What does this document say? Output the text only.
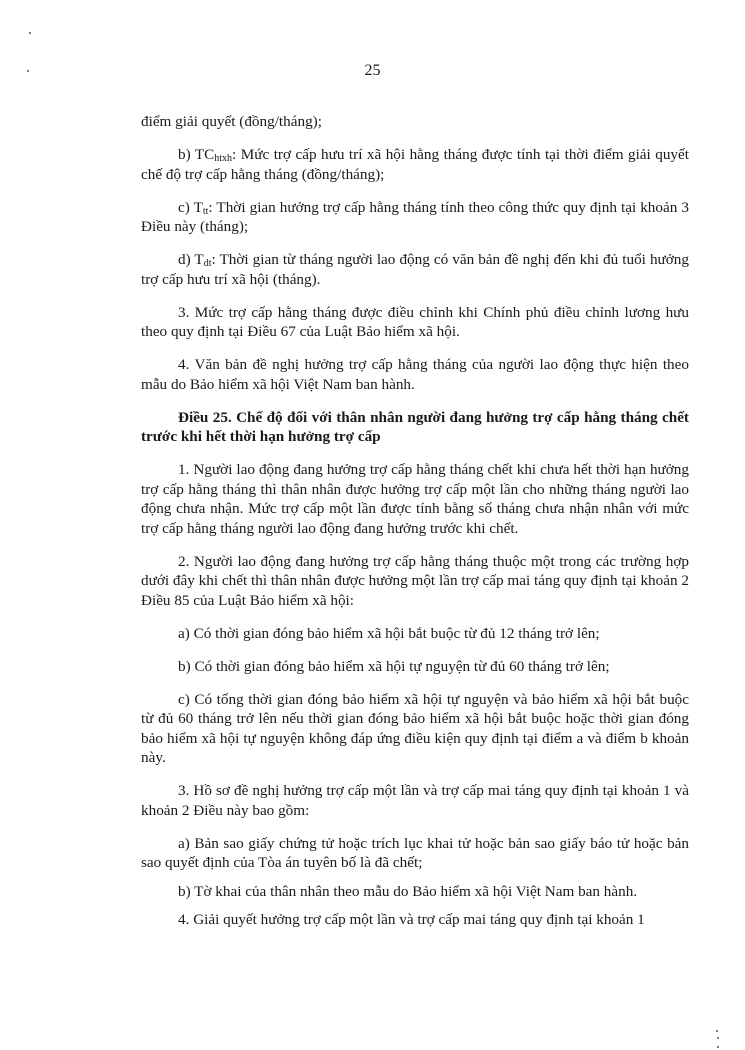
25

điểm giải quyết (đồng/tháng);

b) $TC_{htxh}$: Mức trợ cấp hưu trí xã hội hằng tháng được tính tại thời điểm giải quyết chế độ trợ cấp hằng tháng (đồng/tháng);

c) $T_{tt}$: Thời gian hưởng trợ cấp hằng tháng tính theo công thức quy định tại khoản 3 Điều này (tháng);

d) $T_{dt}$: Thời gian từ tháng người lao động có văn bản đề nghị đến khi đủ tuổi hưởng trợ cấp hưu trí xã hội (tháng).

3. Mức trợ cấp hằng tháng được điều chỉnh khi Chính phủ điều chỉnh lương hưu theo quy định tại Điều 67 của Luật Bảo hiểm xã hội.

4. Văn bản đề nghị hưởng trợ cấp hằng tháng của người lao động thực hiện theo mẫu do Bảo hiểm xã hội Việt Nam ban hành.

Điều 25. Chế độ đối với thân nhân người đang hưởng trợ cấp hằng tháng chết trước khi hết thời hạn hưởng trợ cấp

1. Người lao động đang hưởng trợ cấp hằng tháng chết khi chưa hết thời hạn hưởng trợ cấp hằng tháng thì thân nhân được hưởng trợ cấp một lần cho những tháng người lao động chưa nhận. Mức trợ cấp một lần được tính bằng số tháng chưa nhận nhân với mức trợ cấp hằng tháng người lao động đang hưởng trước khi chết.

2. Người lao động đang hưởng trợ cấp hằng tháng thuộc một trong các trường hợp dưới đây khi chết thì thân nhân được hưởng một lần trợ cấp mai táng quy định tại khoản 2 Điều 85 của Luật Bảo hiểm xã hội:

a) Có thời gian đóng bảo hiểm xã hội bắt buộc từ đủ 12 tháng trở lên;

b) Có thời gian đóng bảo hiểm xã hội tự nguyện từ đủ 60 tháng trở lên;

c) Có tổng thời gian đóng bảo hiểm xã hội tự nguyện và bảo hiểm xã hội bắt buộc từ đủ 60 tháng trở lên nếu thời gian đóng bảo hiểm xã hội bắt buộc hoặc thời gian đóng bảo hiểm xã hội tự nguyện không đáp ứng điều kiện quy định tại điểm a và điểm b khoản này.

3. Hồ sơ đề nghị hưởng trợ cấp một lần và trợ cấp mai táng quy định tại khoản 1 và khoản 2 Điều này bao gồm:

a) Bản sao giấy chứng tử hoặc trích lục khai tử hoặc bản sao giấy báo tử hoặc bản sao quyết định của Tòa án tuyên bố là đã chết;

b) Tờ khai của thân nhân theo mẫu do Bảo hiểm xã hội Việt Nam ban hành.

4. Giải quyết hưởng trợ cấp một lần và trợ cấp mai táng quy định tại khoản 1
